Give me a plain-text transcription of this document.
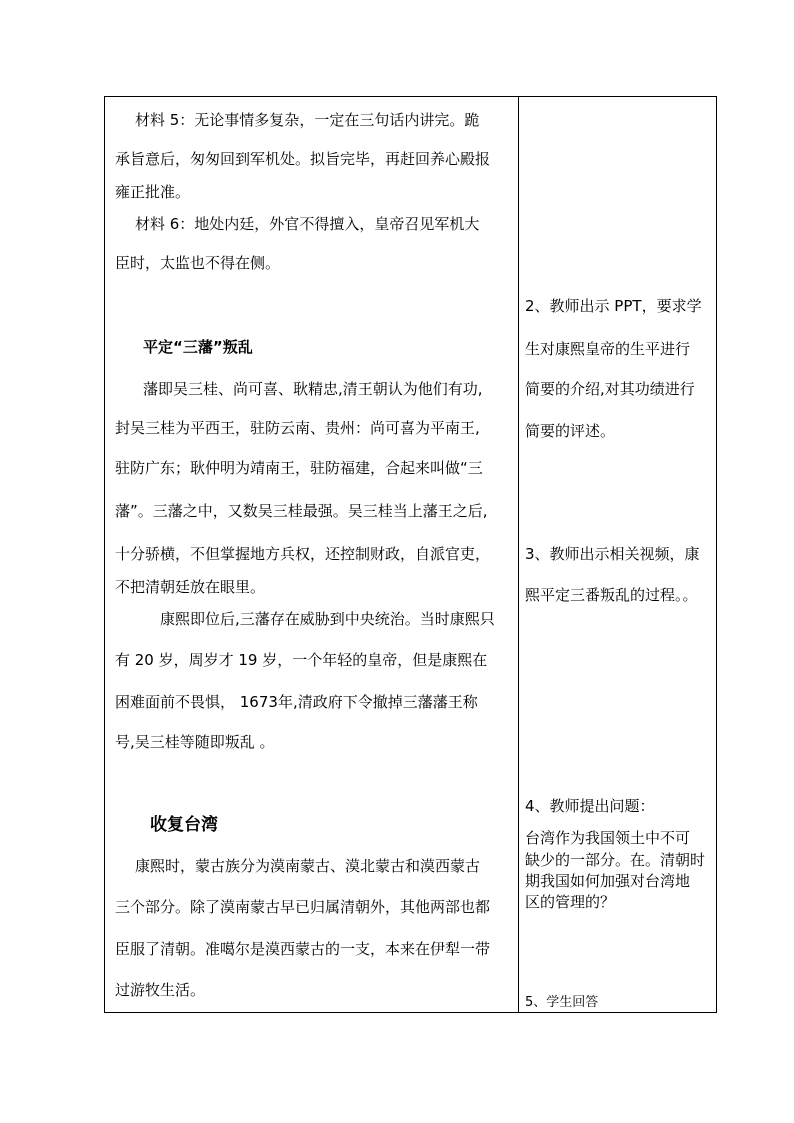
材料 5：无论事情多复杂，一定在三句话内讲完。跪
承旨意后，匆匆回到军机处。拟旨完毕，再赶回养心殿报
雍正批准。
材料 6：地处内廷，外官不得擅入，皇帝召见军机大
臣时，太监也不得在侧。
平定“三藩”叛乱
藩即吴三桂、尚可喜、耿精忠,清王朝认为他们有功,
封吴三桂为平西王，驻防云南、贵州：尚可喜为平南王,
驻防广东；耿仲明为靖南王，驻防福建，合起来叫做“三
藩”。三藩之中，又数吴三桂最强。吴三桂当上藩王之后,
十分骄横，不但掌握地方兵权，还控制财政，自派官吏，
不把清朝廷放在眼里。
康熙即位后,三藩存在威胁到中央统治。当时康熙只
有 20 岁，周岁才 19 岁，一个年轻的皇帝，但是康熙在
困难面前不畏惧， 1673年,清政府下令撤掉三藩藩王称
号,吴三桂等随即叛乱 。
收复台湾
康熙时，蒙古族分为漠南蒙古、漠北蒙古和漠西蒙古
三个部分。除了漠南蒙古早已归属清朝外，其他两部也都
臣服了清朝。准噶尔是漠西蒙古的一支，本来在伊犁一带
过游牧生活。
2、教师出示 PPT，要求学
生对康熙皇帝的生平进行
简要的介绍,对其功绩进行
简要的评述。
3、教师出示相关视频，康
熙平定三番叛乱的过程。。
4、教师提出问题：
台湾作为我国领土中不可
缺少的一部分。在。清朝时
期我国如何加强对台湾地
区的管理的？
5、学生回答
